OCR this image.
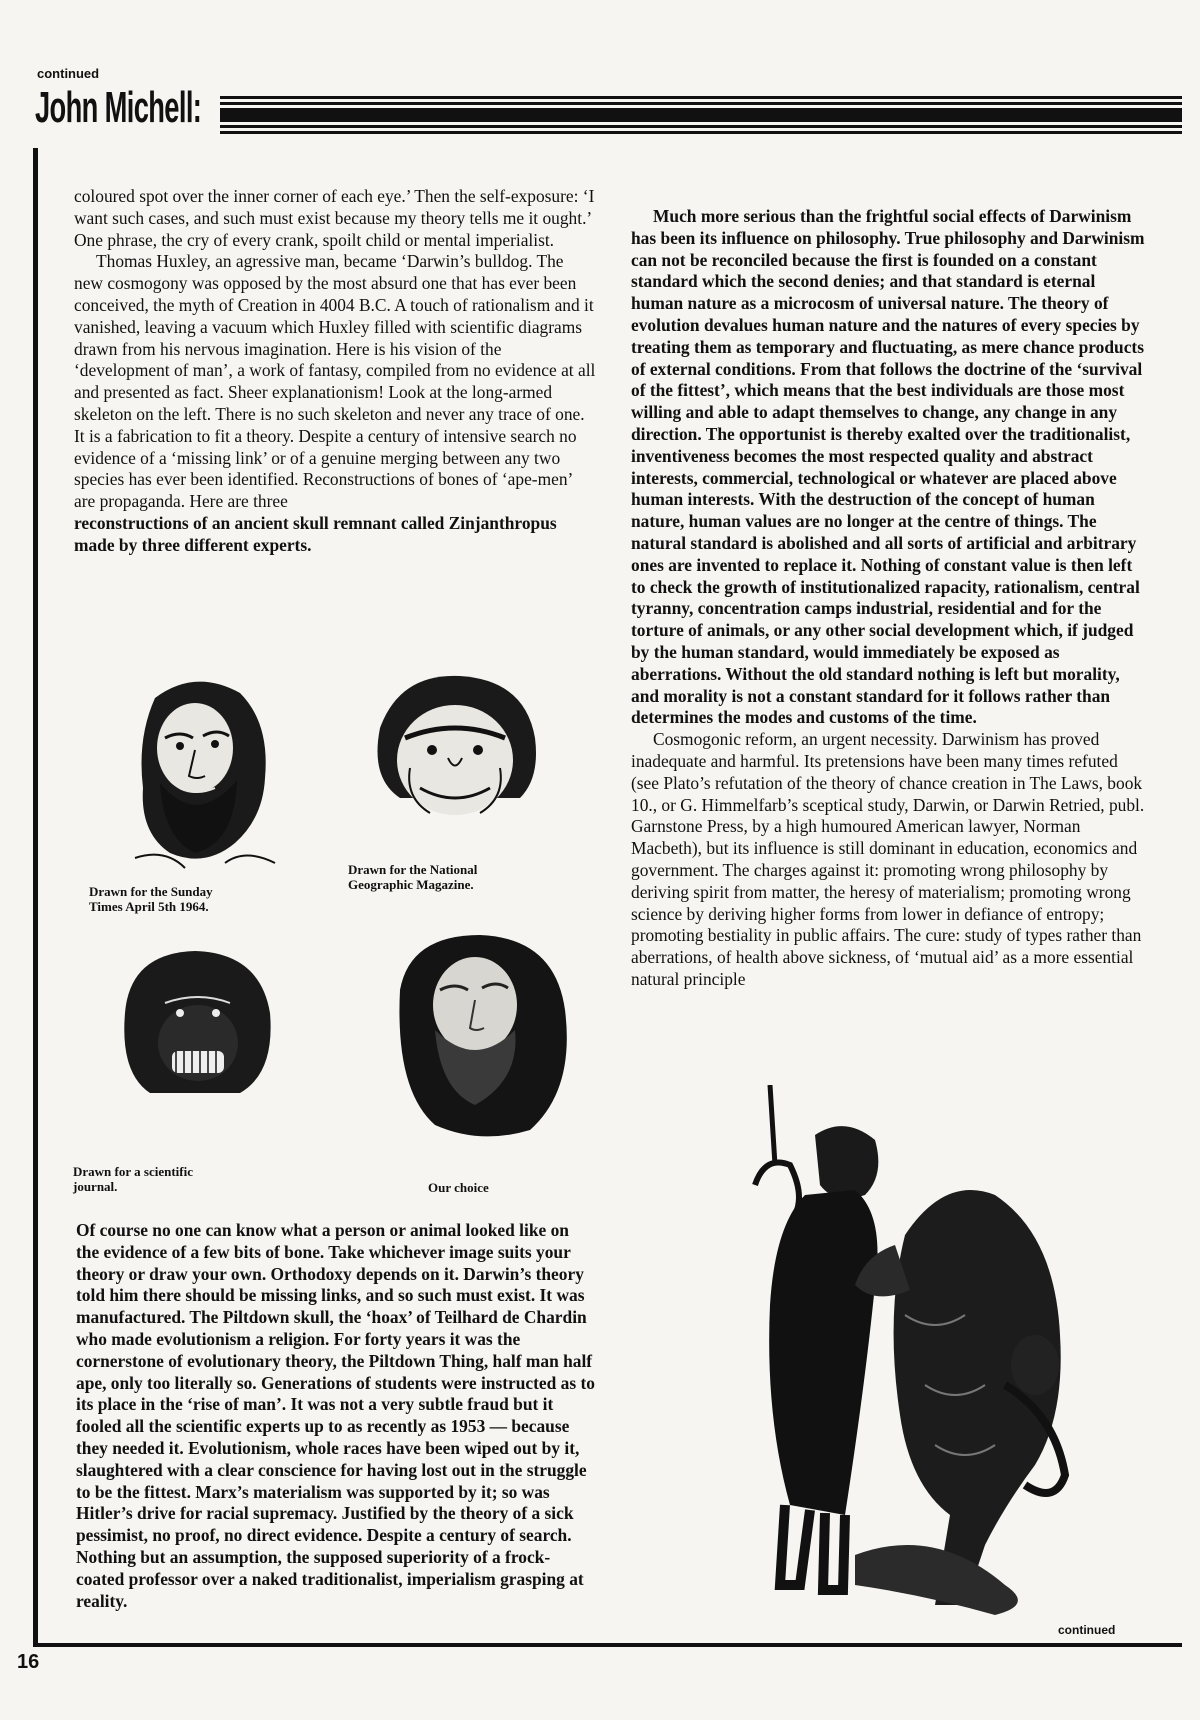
continued
John Michell:

coloured spot over the inner corner of each eye.’ Then the self-exposure: ‘I want such cases, and such must exist because my theory tells me it ought.’ One phrase, the cry of every crank, spoilt child or mental imperialist.

Thomas Huxley, an agressive man, became ‘Darwin’s bulldog. The new cosmogony was opposed by the most absurd one that has ever been conceived, the myth of Creation in 4004 B.C. A touch of rationalism and it vanished, leaving a vacuum which Huxley filled with scientific diagrams drawn from his nervous imagination. Here is his vision of the ‘development of man’, a work of fantasy, compiled from no evidence at all and presented as fact. Sheer explanationism! Look at the long-armed skeleton on the left. There is no such skeleton and never any trace of one. It is a fabrication to fit a theory. Despite a century of intensive search no evidence of a ‘missing link’ or of a genuine merging between any two species has ever been identified. Reconstructions of bones of ‘ape-men’ are propaganda. Here are three

reconstructions of an ancient skull remnant called Zinjanthropus made by three different experts.

Drawn for the Sunday Times April 5th 1964.
Drawn for the National Geographic Magazine.
Drawn for a scientific journal.	Our choice

Of course no one can know what a person or animal looked like on the evidence of a few bits of bone. Take whichever image suits your theory or draw your own. Orthodoxy depends on it. Darwin’s theory told him there should be missing links, and so such must exist. It was manufactured. The Piltdown skull, the ‘hoax’ of Teilhard de Chardin who made evolutionism a religion. For forty years it was the cornerstone of evolutionary theory, the Piltdown Thing, half man half ape, only too literally so. Generations of students were instructed as to its place in the ‘rise of man’. It was not a very subtle fraud but it fooled all the scientific experts up to as recently as 1953 — because they needed it. Evolutionism, whole races have been wiped out by it, slaughtered with a clear conscience for having lost out in the struggle to be the fittest. Marx’s materialism was supported by it; so was Hitler’s drive for racial supremacy. Justified by the theory of a sick pessimist, no proof, no direct evidence. Despite a century of search. Nothing but an assumption, the supposed superiority of a frock-coated professor over a naked traditionalist, imperialism grasping at reality.

Much more serious than the frightful social effects of Darwinism has been its influence on philosophy. True philosophy and Darwinism can not be reconciled because the first is founded on a constant standard which the second denies; and that standard is eternal human nature as a microcosm of universal nature. The theory of evolution devalues human nature and the natures of every species by treating them as temporary and fluctuating, as mere chance products of external conditions. From that follows the doctrine of the ‘survival of the fittest’, which means that the best individuals are those most willing and able to adapt themselves to change, any change in any direction. The opportunist is thereby exalted over the traditionalist, inventiveness becomes the most respected quality and abstract interests, commercial, technological or whatever are placed above human interests. With the destruction of the concept of human nature, human values are no longer at the centre of things. The natural standard is abolished and all sorts of artificial and arbitrary ones are invented to replace it. Nothing of constant value is then left to check the growth of institutionalized rapacity, rationalism, central tyranny, concentration camps industrial, residential and for the torture of animals, or any other social development which, if judged by the human standard, would immediately be exposed as aberrations. Without the old standard nothing is left but morality, and morality is not a constant standard for it follows rather than determines the modes and customs of the time.

Cosmogonic reform, an urgent necessity. Darwinism has proved inadequate and harmful. Its pretensions have been many times refuted (see Plato’s refutation of the theory of chance creation in The Laws, book 10., or G. Himmelfarb’s sceptical study, Darwin, or Darwin Retried, publ. Garnstone Press, by a high humoured American lawyer, Norman Macbeth), but its influence is still dominant in education, economics and government. The charges against it: promoting wrong philosophy by deriving spirit from matter, the heresy of materialism; promoting wrong science by deriving higher forms from lower in defiance of entropy; promoting bestiality in public affairs. The cure: study of types rather than aberrations, of health above sickness, of ‘mutual aid’ as a more essential natural principle

continued
16
